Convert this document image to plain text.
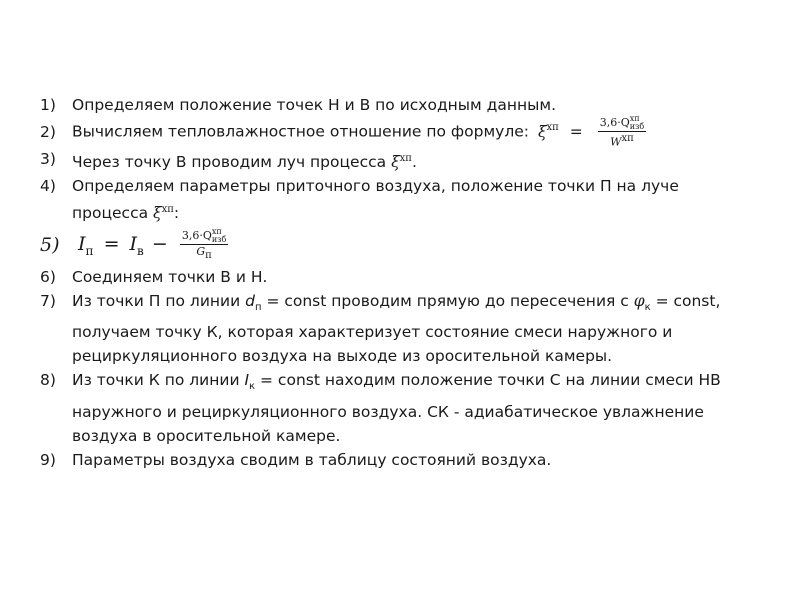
1)	Определяем положение точек Н и В по исходным данным.
2)	Вычисляем тепловлажностное отношение по формуле: $\xi^{хп} = 3,6\cdot Q$ хп
изб
Wхп
3)	Через точку В проводим луч процесса $\xi^{хп}$.
4)	Определяем параметры приточного воздуха, положение точки П на луче
процесса $\xi^{хп}$:
5) $I_п = I_в - 3,6\cdot Q$ хп
изб
Gп
6)	Соединяем точки В и Н.
7)	Из точки П по линии $d_п$ = const проводим прямую до пересечения с $\varphi_к$ = const,
получаем точку К, которая характеризует состояние смеси наружного и
рециркуляционного воздуха на выходе из оросительной камеры.
8)	Из точки К по линии $I_к$ = const находим положение точки С на линии смеси НВ
наружного и рециркуляционного воздуха. СК - адиабатическое увлажнение
воздуха в оросительной камере.
9)	Параметры воздуха сводим в таблицу состояний воздуха.
